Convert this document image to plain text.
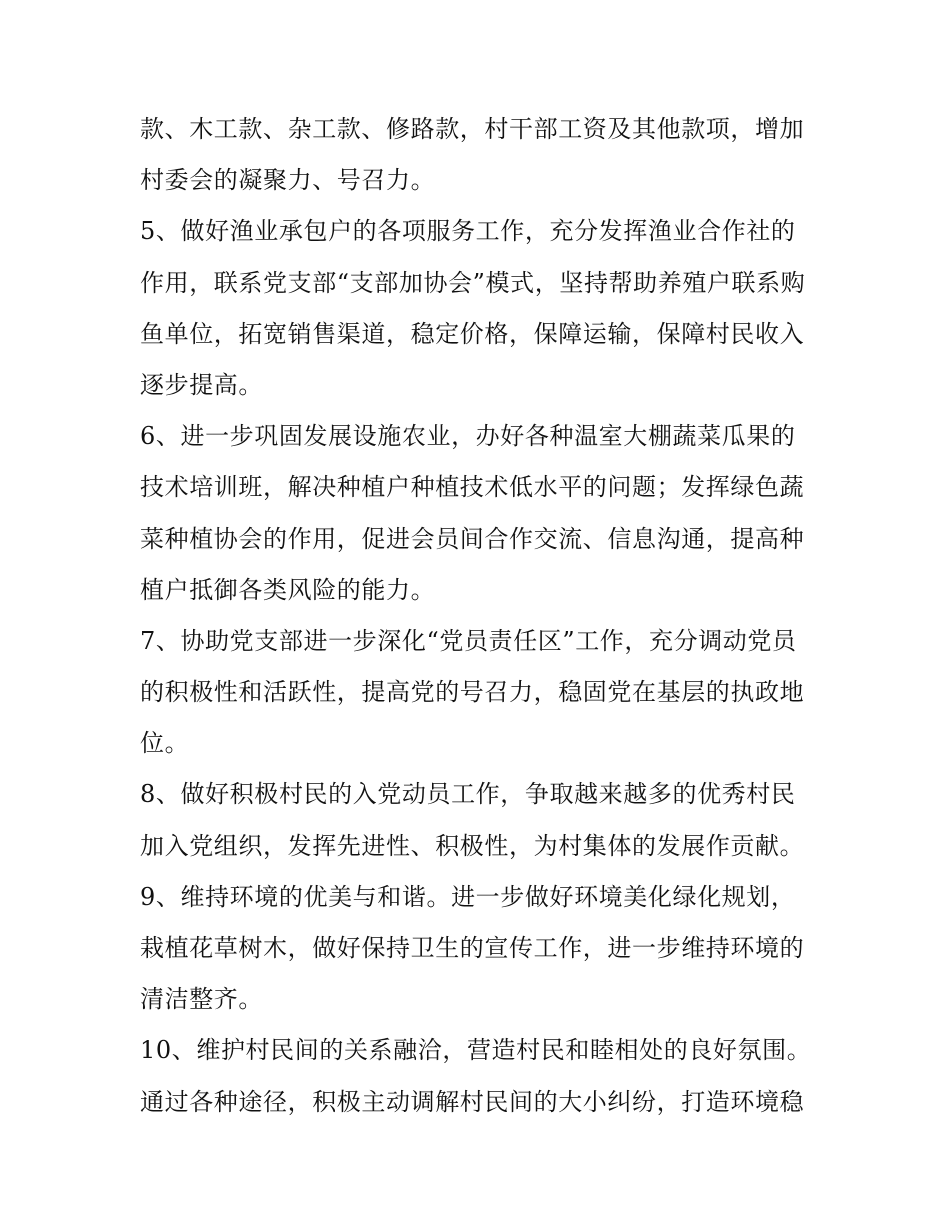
款、木工款、杂工款、修路款，村干部工资及其他款项，增加
村委会的凝聚力、号召力。
5、做好渔业承包户的各项服务工作，充分发挥渔业合作社的
作用，联系党支部“支部加协会”模式，坚持帮助养殖户联系购
鱼单位，拓宽销售渠道，稳定价格，保障运输，保障村民收入
逐步提高。
6、进一步巩固发展设施农业，办好各种温室大棚蔬菜瓜果的
技术培训班，解决种植户种植技术低水平的问题；发挥绿色蔬
菜种植协会的作用，促进会员间合作交流、信息沟通，提高种
植户抵御各类风险的能力。
7、协助党支部进一步深化“党员责任区”工作，充分调动党员
的积极性和活跃性，提高党的号召力，稳固党在基层的执政地
位。
8、做好积极村民的入党动员工作，争取越来越多的优秀村民
加入党组织，发挥先进性、积极性，为村集体的发展作贡献。
9、维持环境的优美与和谐。进一步做好环境美化绿化规划，
栽植花草树木，做好保持卫生的宣传工作，进一步维持环境的
清洁整齐。
10、维护村民间的关系融洽，营造村民和睦相处的良好氛围。
通过各种途径，积极主动调解村民间的大小纠纷，打造环境稳
